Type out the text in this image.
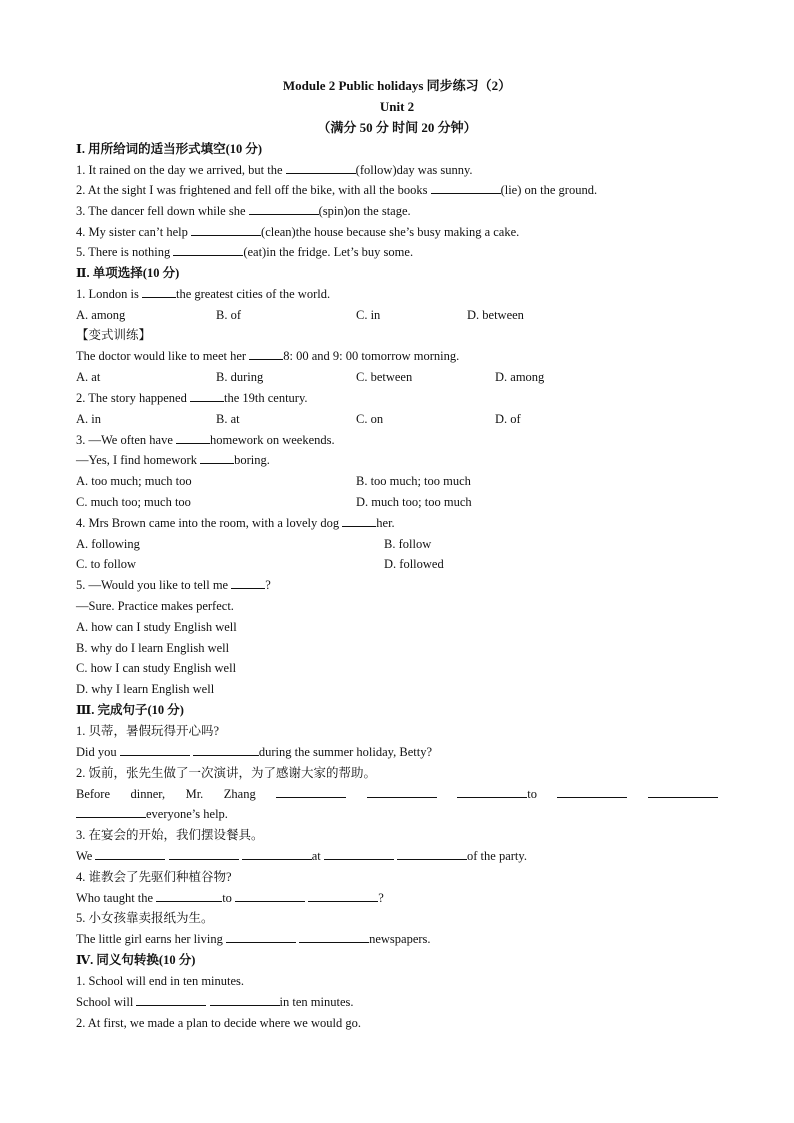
Module 2 Public holidays 同步练习（2）
Unit 2
（满分 50 分 时间 20 分钟）
Ⅰ. 用所给词的适当形式填空(10 分)
1. It rained on the day we arrived, but the	(follow)day was sunny.
2. At the sight I was frightened and fell off the bike, with all the books	(lie) on the ground.
3. The dancer fell down while she	(spin)on the stage.
4. My sister can’t help	(clean)the house because she’s busy making a cake.
5. There is nothing	(eat)in the fridge. Let’s buy some.
Ⅱ. 单项选择(10 分)
1. London is	the greatest cities of the world.
A. among	B. of	C. in	D. between
【变式训练】
The doctor would like to meet her	8: 00 and 9: 00 tomorrow morning.
A. at	B. during	C. between	D. among
2. The story happened	the 19th century.
A. in	B. at	C. on	D. of
3. —We often have	homework on weekends.
—Yes, I find homework	boring.
A. too much; much too	B. too much; too much
C. much too; much too	D. much too; too much
4. Mrs Brown came into the room, with a lovely dog	her.
A. following	B. follow
C. to follow	D. followed
5. —Would you like to tell me	?
—Sure. Practice makes perfect.
A. how can I study English well
B. why do I learn English well
C. how I can study English well
D. why I learn English well
Ⅲ. 完成句子(10 分)
1. 贝蒂，暑假玩得开心吗?
Did you	during the summer holiday, Betty?
2. 饭前，张先生做了一次演讲，为了感谢大家的帮助。
Before dinner, Mr. Zhang	to
everyone’s help.
3. 在宴会的开始，我们摆设餐具。
We	at	of the party.
4. 谁教会了先驱们种植谷物?
Who taught the	to	?
5. 小女孩靠卖报纸为生。
The little girl earns her living	newspapers.
Ⅳ. 同义句转换(10 分)
1. School will end in ten minutes.
School will	in ten minutes.
2. At first, we made a plan to decide where we would go.
